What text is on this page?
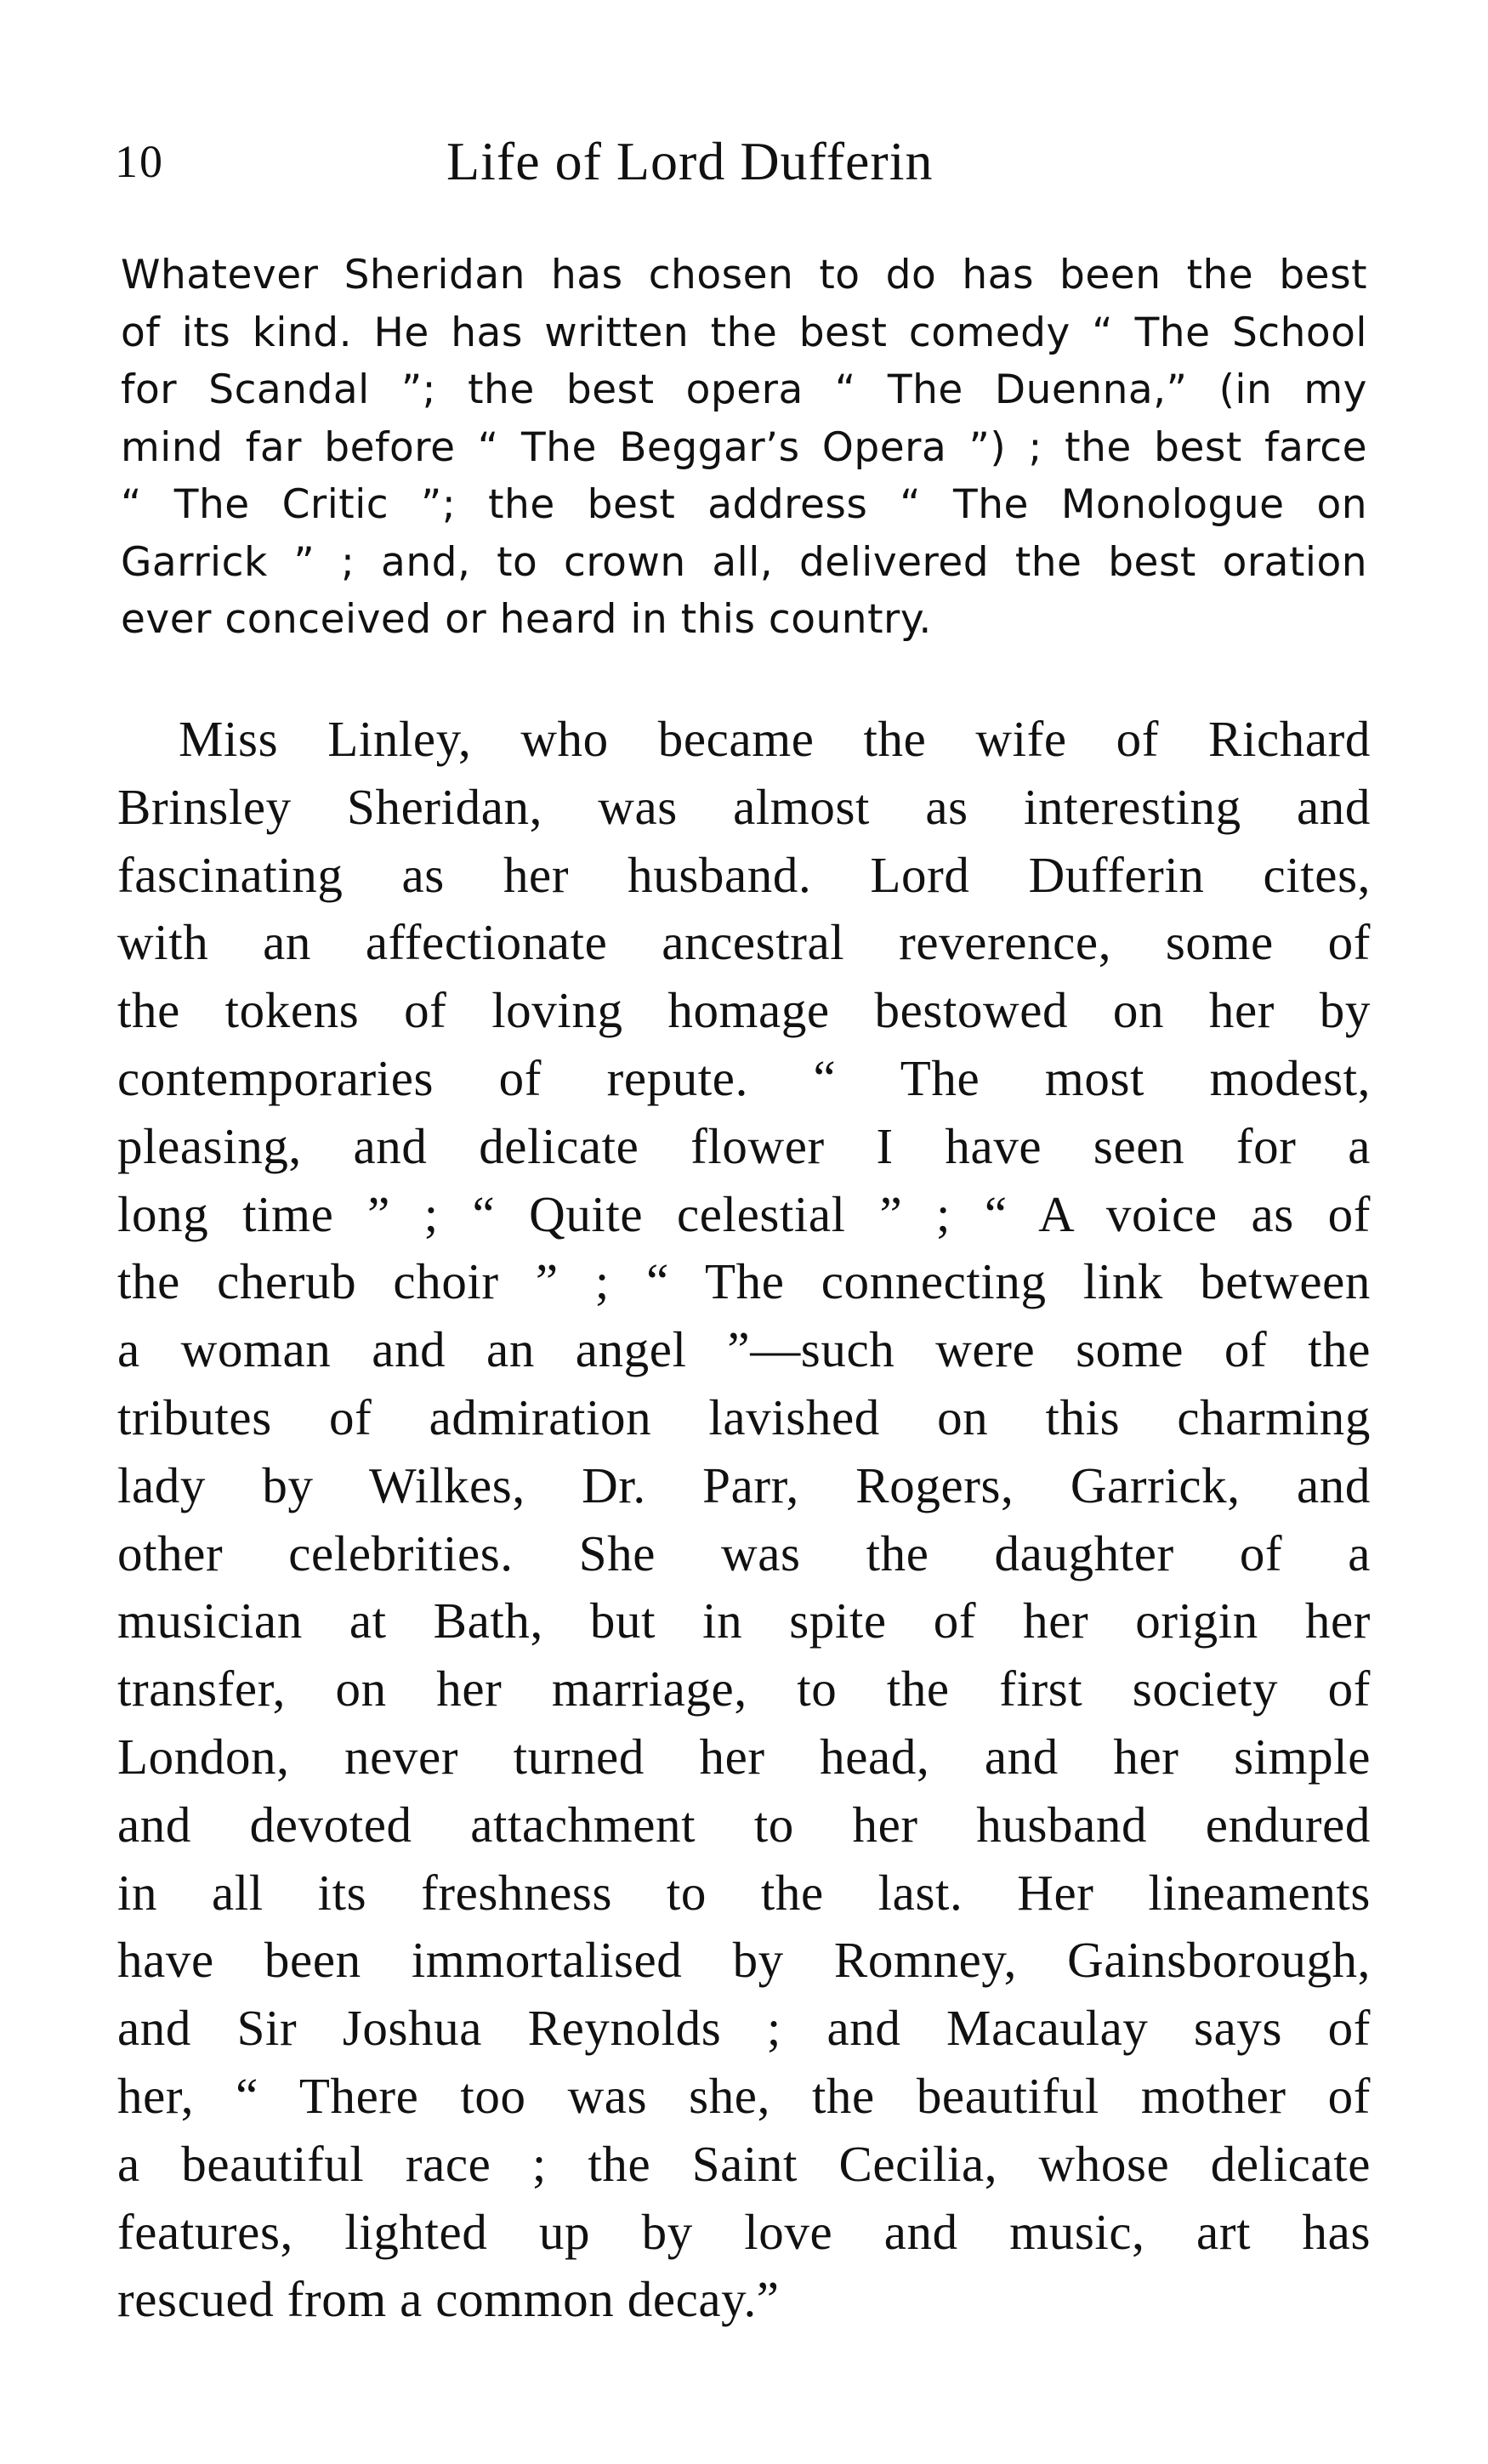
10	Life of Lord Dufferin
Whatever Sheridan has chosen to do has been the best
of its kind. He has written the best comedy “ The School
for Scandal ”; the best opera “ The Duenna,” (in my
mind far before “ The Beggar’s Opera ”) ; the best farce
“ The Critic ”; the best address “ The Monologue on
Garrick ” ; and, to crown all, delivered the best oration
ever conceived or heard in this country.
Miss Linley, who became the wife of Richard
Brinsley Sheridan, was almost as interesting and
fascinating as her husband. Lord Dufferin cites,
with an affectionate ancestral reverence, some of
the tokens of loving homage bestowed on her by
contemporaries of repute. “ The most modest,
pleasing, and delicate flower I have seen for a
long time ” ; “ Quite celestial ” ; “ A voice as of
the cherub choir ” ; “ The connecting link between
a woman and an angel ”—such were some of the
tributes of admiration lavished on this charming
lady by Wilkes, Dr. Parr, Rogers, Garrick, and
other celebrities. She was the daughter of a
musician at Bath, but in spite of her origin her
transfer, on her marriage, to the first society of
London, never turned her head, and her simple
and devoted attachment to her husband endured
in all its freshness to the last. Her lineaments
have been immortalised by Romney, Gainsborough,
and Sir Joshua Reynolds ; and Macaulay says of
her, “ There too was she, the beautiful mother of
a beautiful race ; the Saint Cecilia, whose delicate
features, lighted up by love and music, art has
rescued from a common decay.”
